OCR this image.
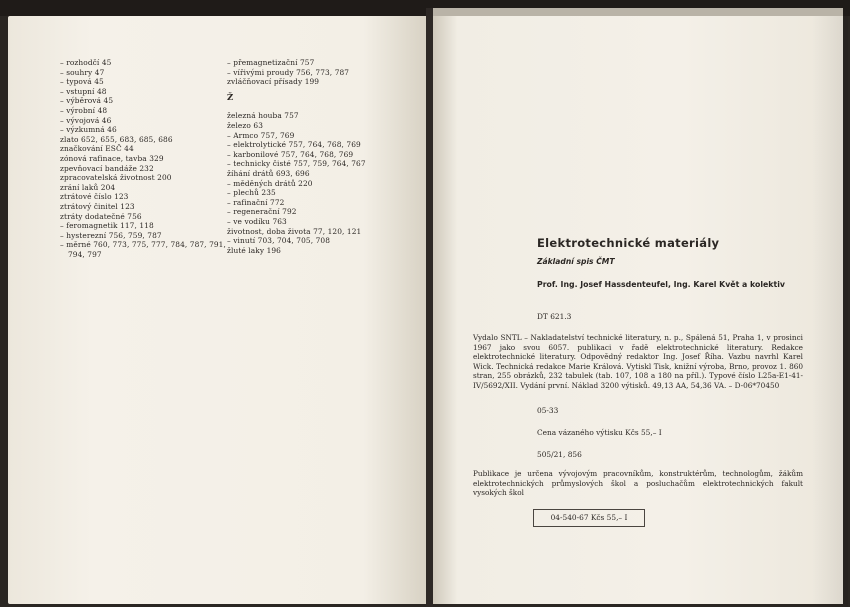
– rozhodčí 45
– souhry 47
– typová 45
– vstupní 48
– výběrová 45
– výrobní 48
– vývojová 46
– výzkumná 46
zlato 652, 655, 683, 685, 686
značkování ESČ 44
zónová rafinace, tavba 329
zpevňovací bandáže 232
zpracovatelská životnost 200
zrání laků 204
ztrátové číslo 123
ztrátový činitel 123
ztráty dodatečné 756
– feromagnetik 117, 118
– hysterezní 756, 759, 787
– měrné 760, 773, 775, 777, 784, 787, 791,
794, 797
– přemagnetizační 757
– vířivými proudy 756, 773, 787
zvláčňovací přísady 199
Ž
železná houba 757
železo 63
– Armco 757, 769
– elektrolytické 757, 764, 768, 769
– karbonilové 757, 764, 768, 769
– technicky čisté 757, 759, 764, 767
žíhání drátů 693, 696
– měděných drátů 220
– plechů 235
– rafinační 772
– regenerační 792
– ve vodíku 763
životnost, doba života 77, 120, 121
– vinutí 703, 704, 705, 708
žluté laky 196
Elektrotechnické materiály
Základní spis ČMT
Prof. Ing. Josef Hassdenteufel, Ing. Karel Květ a kolektiv
DT 621.3
Vydalo SNTL – Nakladatelství technické literatury, n. p., Spálená 51, Praha 1, v prosinci 1967 jako svou 6057. publikaci v řadě elektrotechnické literatury. Redakce elektrotechnické literatury. Odpovědný redaktor Ing. Josef Říha. Vazbu navrhl Karel Wick. Technická redakce Marie Králová. Vytiskl Tisk, knižní výroba, Brno, provoz 1. 860 stran, 255 obrázků, 232 tabulek (tab. 107, 108 a 180 na příl.). Typové číslo L25a-E1-41-IV/5692/XII. Vydání první. Náklad 3200 výtisků. 49,13 AA, 54,36 VA. – D-06*70450
05-33
Cena vázaného výtisku Kčs 55,– I
505/21, 856
Publikace je určena vývojovým pracovníkům, konstruktérům, technologům, žákům elektrotechnických průmyslových škol a posluchačům elektrotechnických fakult vysokých škol
04-540-67 Kčs 55,– I
